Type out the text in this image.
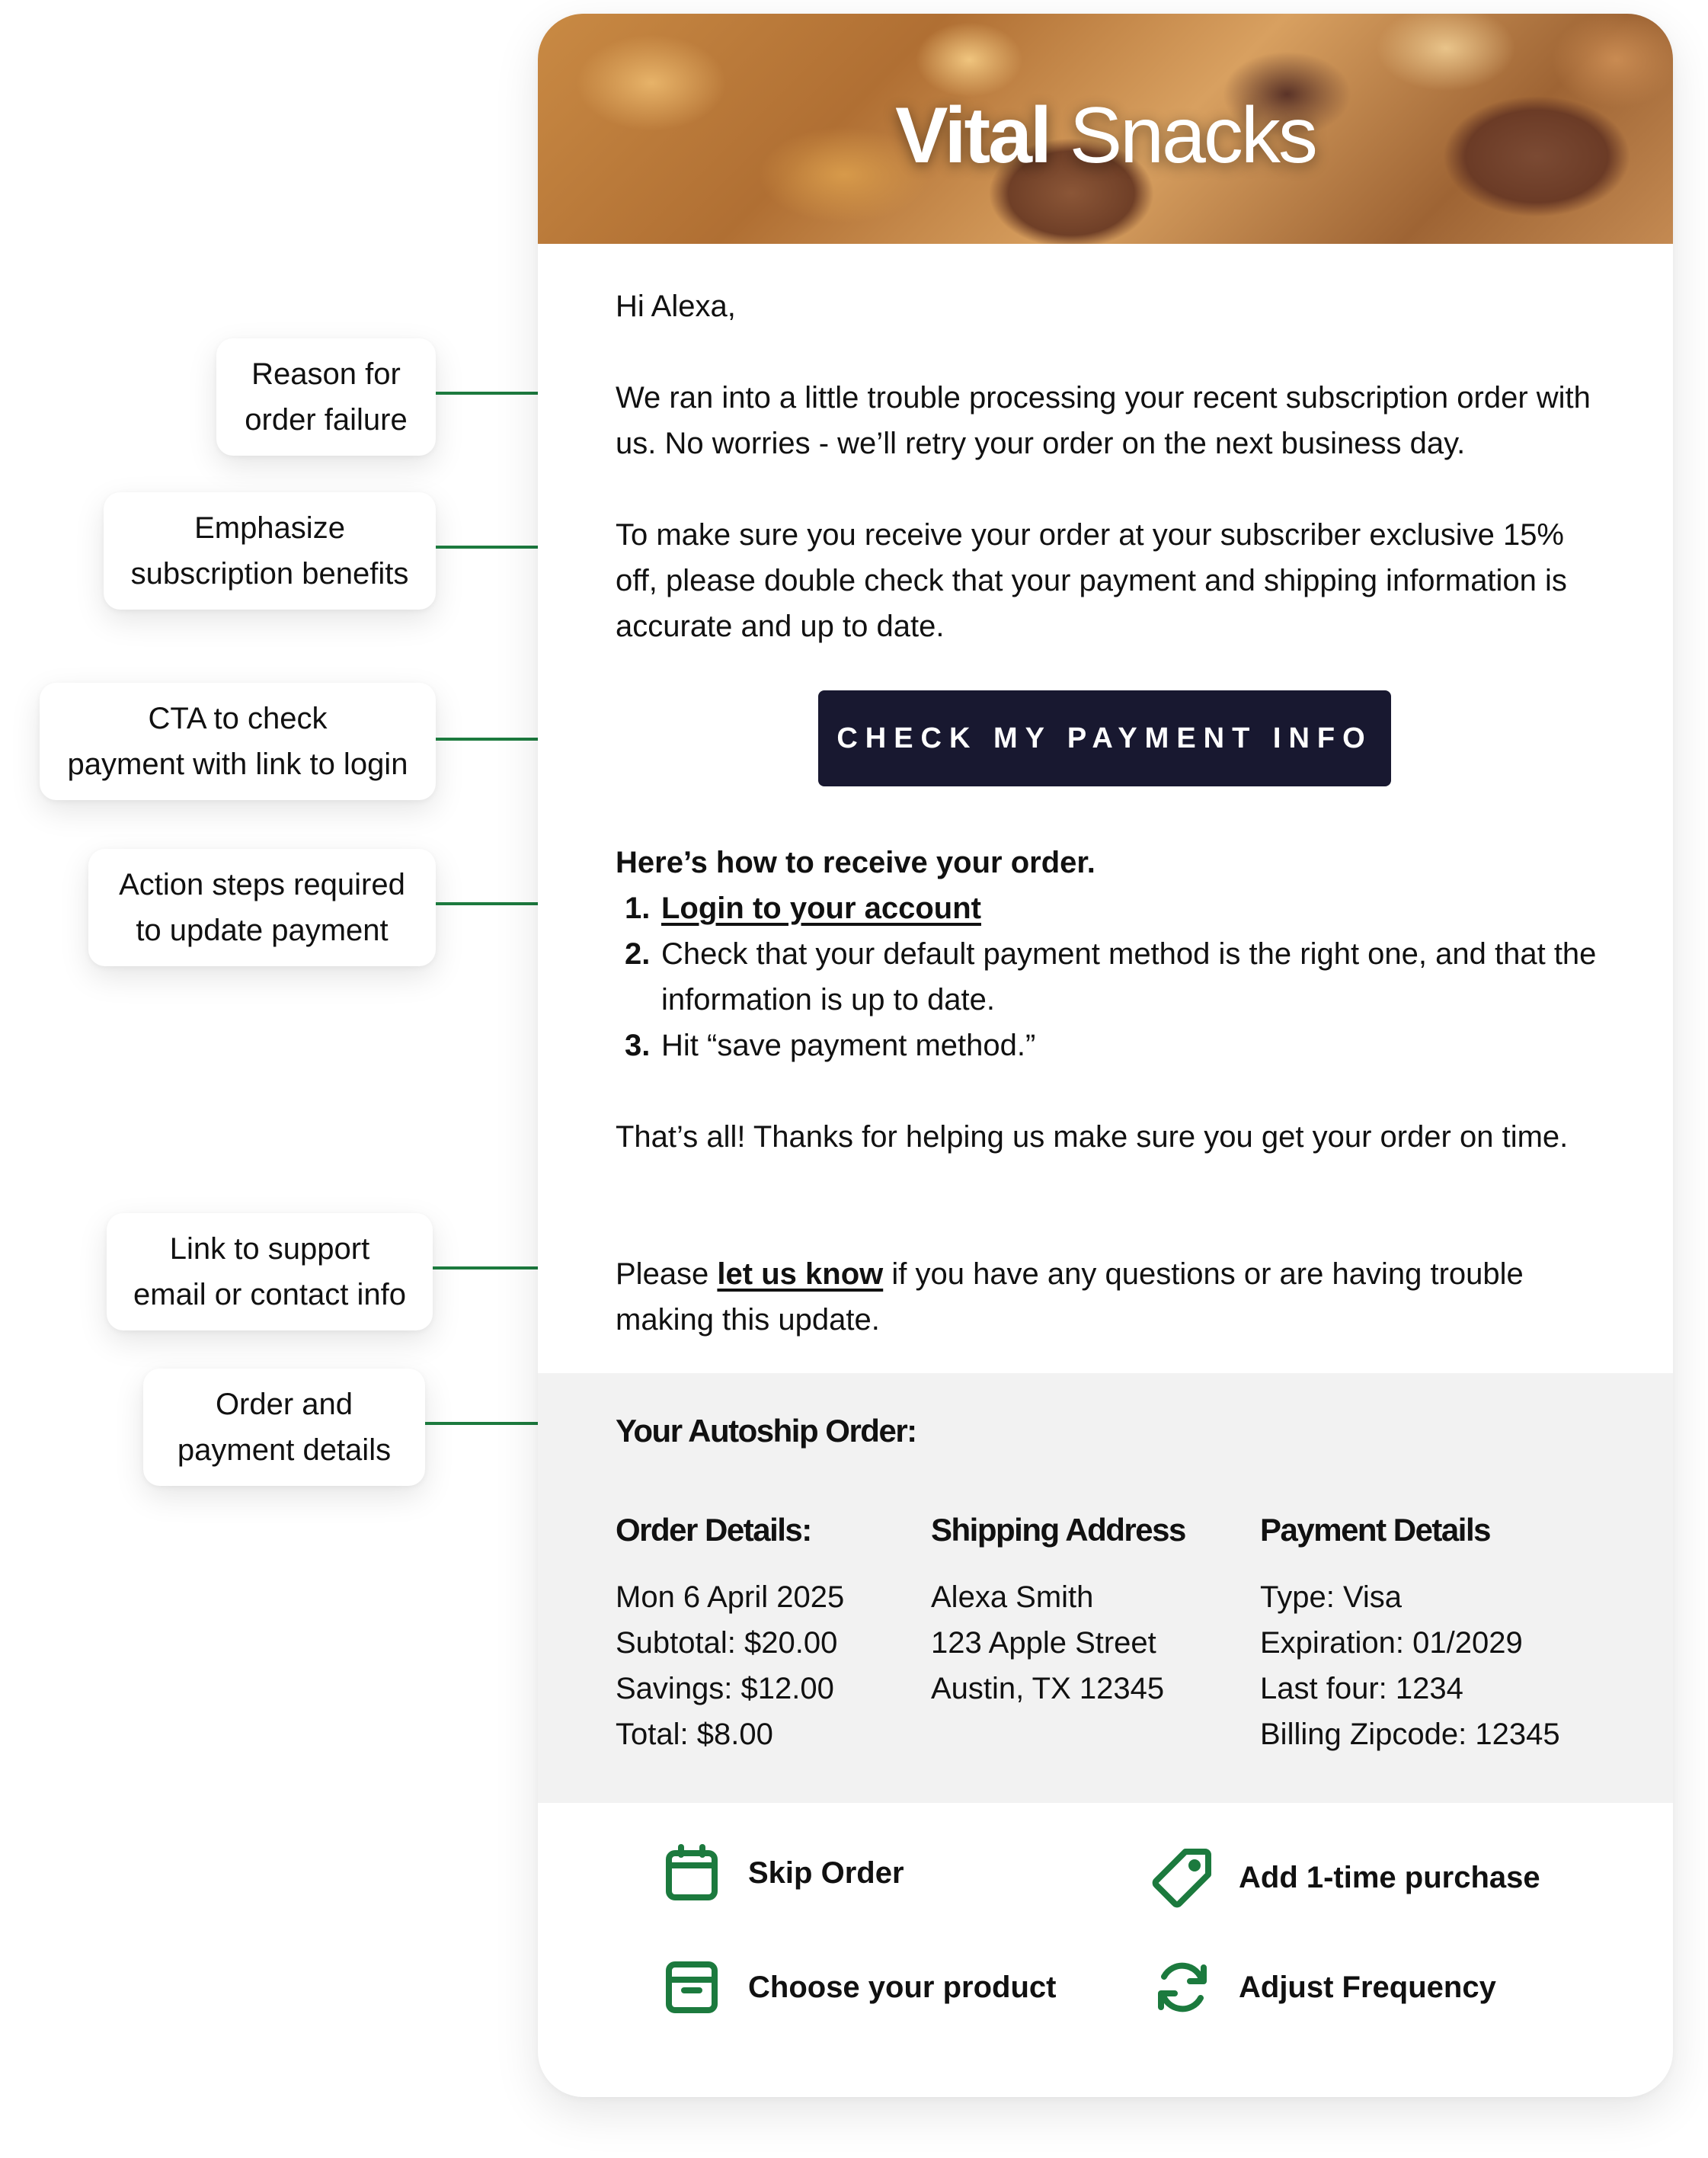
Reason for
order failure
Emphasize
subscription benefits
CTA to check
payment with link to login
Action steps required
to update payment
Link to support
email or contact info
Order and
payment details
Vital Snacks
Hi Alexa,
We ran into a little trouble processing your recent subscription order with us. No worries - we’ll retry your order on the next business day.
To make sure you receive your order at your subscriber exclusive 15% off, please double check that your payment and shipping information is accurate and up to date.
CHECK MY PAYMENT INFO
Here’s how to receive your order.
1. Login to your account
2. Check that your default payment method is the right one, and that the information is up to date.
3. Hit “save payment method.”
That’s all! Thanks for helping us make sure you get your order on time.
Please let us know if you have any questions or are having trouble making this update.
Your Autoship Order:
Order Details:
Mon 6 April 2025
Subtotal: $20.00
Savings: $12.00
Total: $8.00
Shipping Address
Alexa Smith
123 Apple Street
Austin, TX 12345
Payment Details
Type: Visa
Expiration: 01/2029
Last four: 1234
Billing Zipcode: 12345
Skip Order	Add 1-time purchase
Choose your product	Adjust Frequency
